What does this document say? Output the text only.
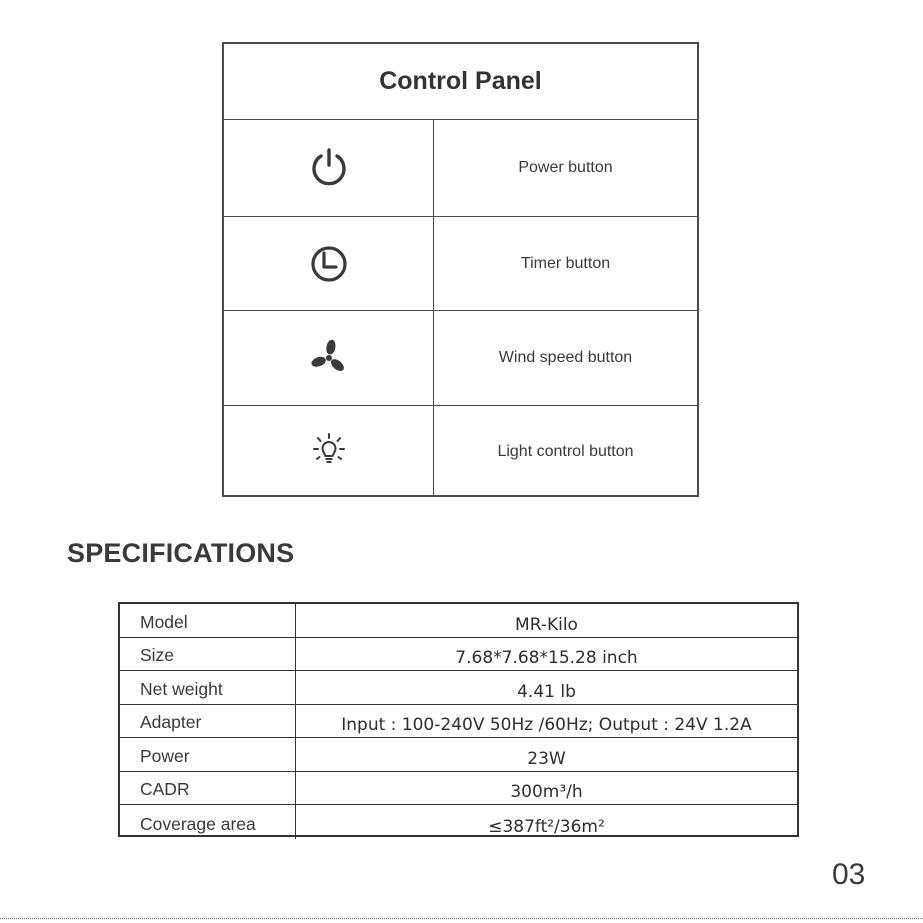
Control Panel
Power button
Timer button
Wind speed button
Light control button
SPECIFICATIONS
Model	MR-Kilo
Size	7.68*7.68*15.28 inch
Net weight	4.41 lb
Adapter	Input : 100-240V 50Hz /60Hz; Output : 24V 1.2A
Power	23W
CADR	300m³/h
Coverage area	≤387ft²/36m²
03
